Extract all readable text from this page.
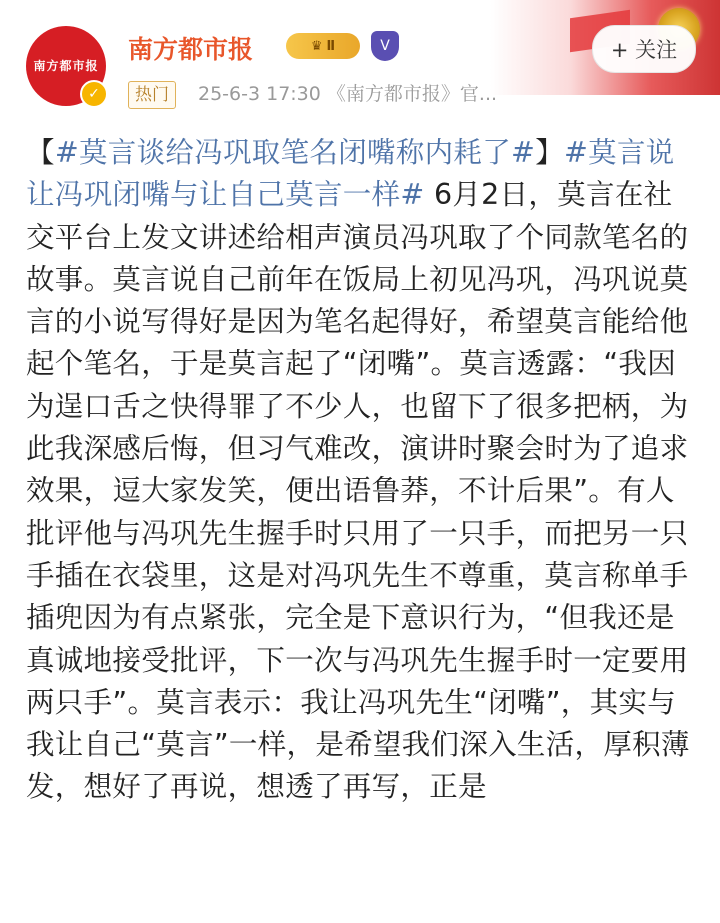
南方都市报
✓
南方都市报	♛ Ⅱ	V	+ 关注
热门	25-6-3 17:30 《南方都市报》官...
【#莫言谈给冯巩取笔名闭嘴称内耗了#】#莫言说让冯巩闭嘴与让自己莫言一样# 6月2日，莫言在社交平台上发文讲述给相声演员冯巩取了个同款笔名的故事。莫言说自己前年在饭局上初见冯巩，冯巩说莫言的小说写得好是因为笔名起得好，希望莫言能给他起个笔名，于是莫言起了“闭嘴”。莫言透露：“我因为逞口舌之快得罪了不少人，也留下了很多把柄，为此我深感后悔，但习气难改，演讲时聚会时为了追求效果，逗大家发笑，便出语鲁莽，不计后果”。有人批评他与冯巩先生握手时只用了一只手，而把另一只手插在衣袋里，这是对冯巩先生不尊重，莫言称单手插兜因为有点紧张，完全是下意识行为，“但我还是真诚地接受批评，下一次与冯巩先生握手时一定要用两只手”。莫言表示：我让冯巩先生“闭嘴”，其实与我让自己“莫言”一样，是希望我们深入生活，厚积薄发，想好了再说，想透了再写，正是
